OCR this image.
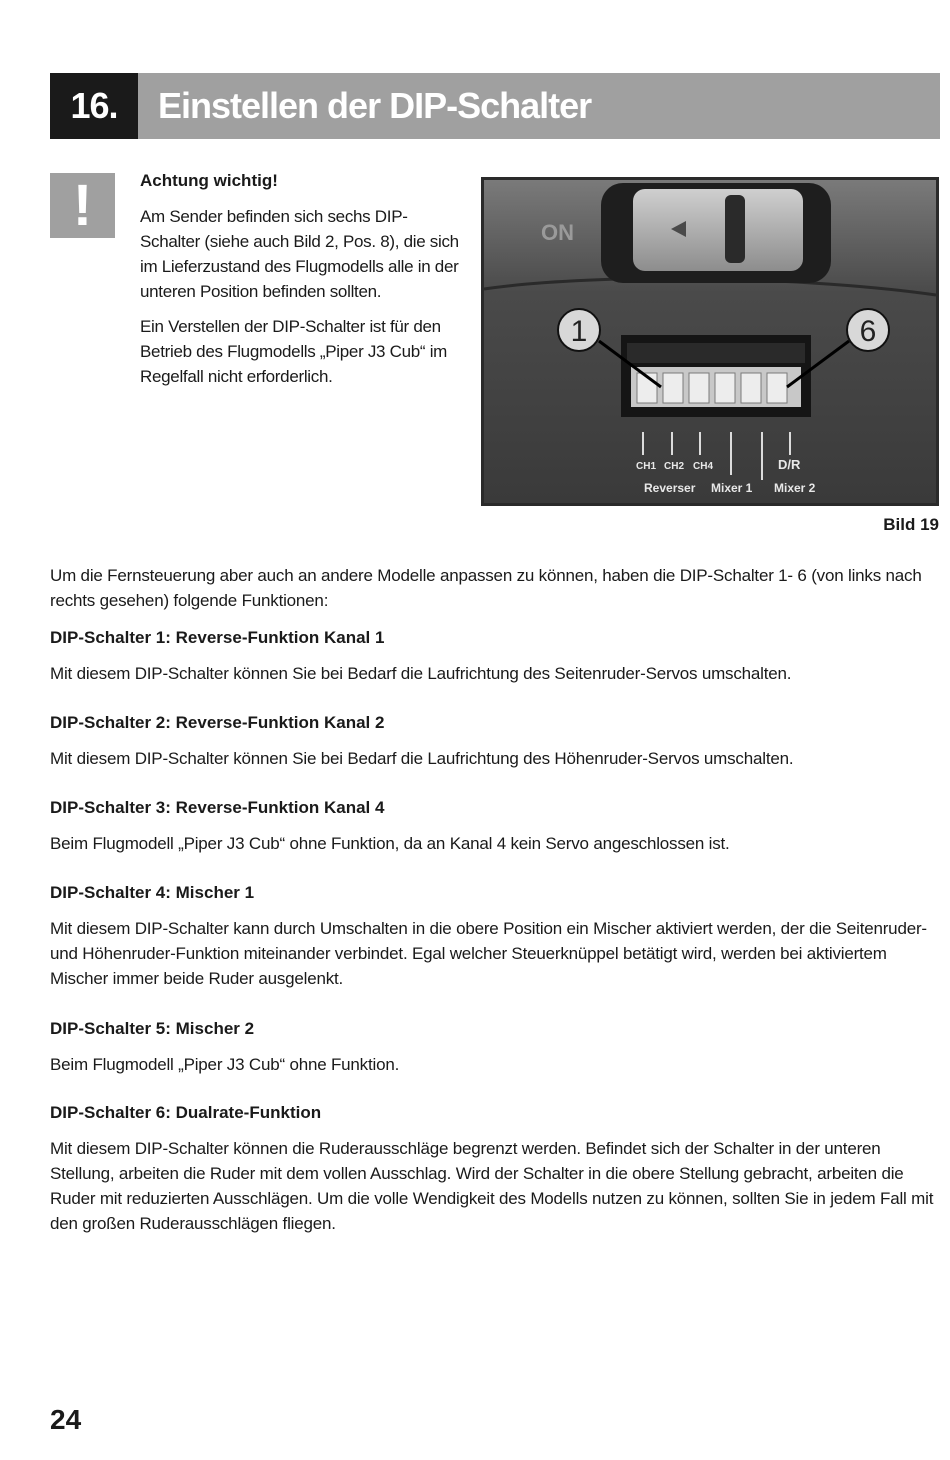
16.	Einstellen der DIP-Schalter
!	Achtung wichtig!

Am Sender befinden sich sechs DIP-Schalter (siehe auch Bild 2, Pos. 8), die sich im Lieferzustand des Flugmodells alle in der unteren Position befinden sollten.

Ein Verstellen der DIP-Schalter ist für den Betrieb des Flugmodells „Piper J3 Cub“ im Regelfall nicht erforderlich.

ON
1	6
CH1 CH2 CH4	D/R
Reverser Mixer 1 Mixer 2
Bild 19

Um die Fernsteuerung aber auch an andere Modelle anpassen zu können, haben die DIP-Schalter 1- 6 (von links nach rechts gesehen) folgende Funktionen:

DIP-Schalter 1: Reverse-Funktion Kanal 1

Mit diesem DIP-Schalter können Sie bei Bedarf die Laufrichtung des Seitenruder-Servos umschalten.

DIP-Schalter 2: Reverse-Funktion Kanal 2

Mit diesem DIP-Schalter können Sie bei Bedarf die Laufrichtung des Höhenruder-Servos umschalten.

DIP-Schalter 3: Reverse-Funktion Kanal 4

Beim Flugmodell „Piper J3 Cub“ ohne Funktion, da an Kanal 4 kein Servo angeschlossen ist.

DIP-Schalter 4: Mischer 1

Mit diesem DIP-Schalter kann durch Umschalten in die obere Position ein Mischer aktiviert werden, der die Seitenruder- und Höhenruder-Funktion miteinander verbindet. Egal welcher Steuerknüppel betätigt wird, werden bei aktiviertem Mischer immer beide Ruder ausgelenkt.

DIP-Schalter 5: Mischer 2

Beim Flugmodell „Piper J3 Cub“ ohne Funktion.

DIP-Schalter 6: Dualrate-Funktion

Mit diesem DIP-Schalter können die Ruderausschläge begrenzt werden. Befindet sich der Schalter in der unteren Stellung, arbeiten die Ruder mit dem vollen Ausschlag. Wird der Schalter in die obere Stellung gebracht, arbeiten die Ruder mit reduzierten Ausschlägen. Um die volle Wendigkeit des Modells nutzen zu können, sollten Sie in jedem Fall mit den großen Ruderausschlägen fliegen.

24
